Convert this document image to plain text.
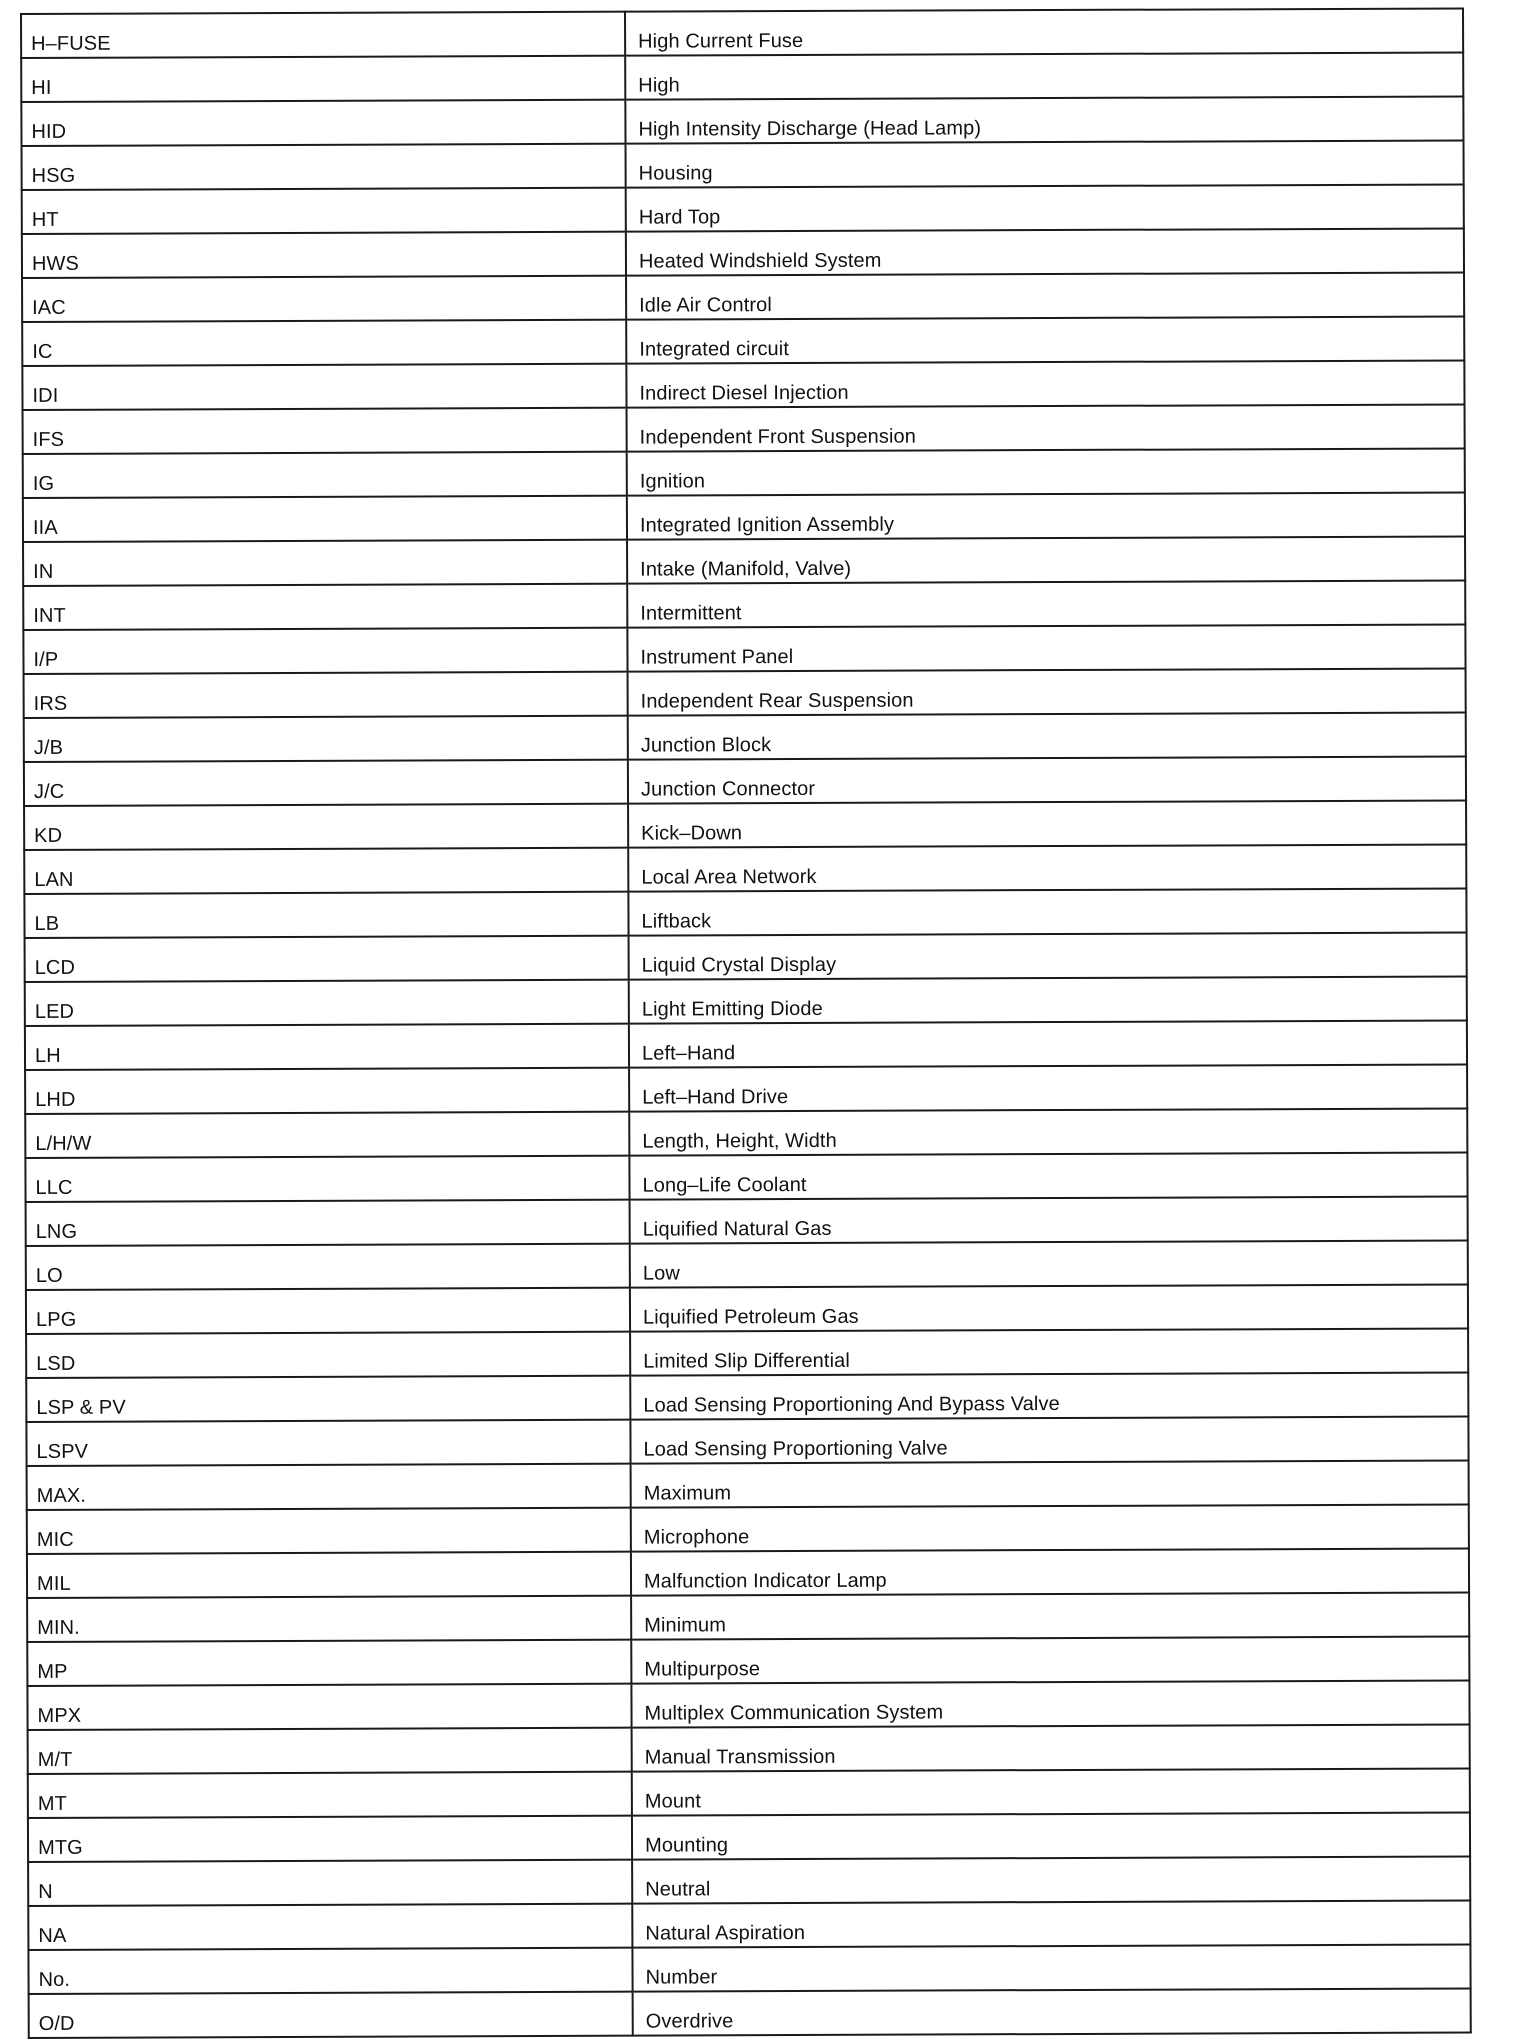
H–FUSE	High Current Fuse
HI	High
HID	High Intensity Discharge (Head Lamp)
HSG	Housing
HT	Hard Top
HWS	Heated Windshield System
IAC	Idle Air Control
IC	Integrated circuit
IDI	Indirect Diesel Injection
IFS	Independent Front Suspension
IG	Ignition
IIA	Integrated Ignition Assembly
IN	Intake (Manifold, Valve)
INT	Intermittent
I/P	Instrument Panel
IRS	Independent Rear Suspension
J/B	Junction Block
J/C	Junction Connector
KD	Kick–Down
LAN	Local Area Network
LB	Liftback
LCD	Liquid Crystal Display
LED	Light Emitting Diode
LH	Left–Hand
LHD	Left–Hand Drive
L/H/W	Length, Height, Width
LLC	Long–Life Coolant
LNG	Liquified Natural Gas
LO	Low
LPG	Liquified Petroleum Gas
LSD	Limited Slip Differential
LSP & PV	Load Sensing Proportioning And Bypass Valve
LSPV	Load Sensing Proportioning Valve
MAX.	Maximum
MIC	Microphone
MIL	Malfunction Indicator Lamp
MIN.	Minimum
MP	Multipurpose
MPX	Multiplex Communication System
M/T	Manual Transmission
MT	Mount
MTG	Mounting
N	Neutral
NA	Natural Aspiration
No.	Number
O/D	Overdrive
